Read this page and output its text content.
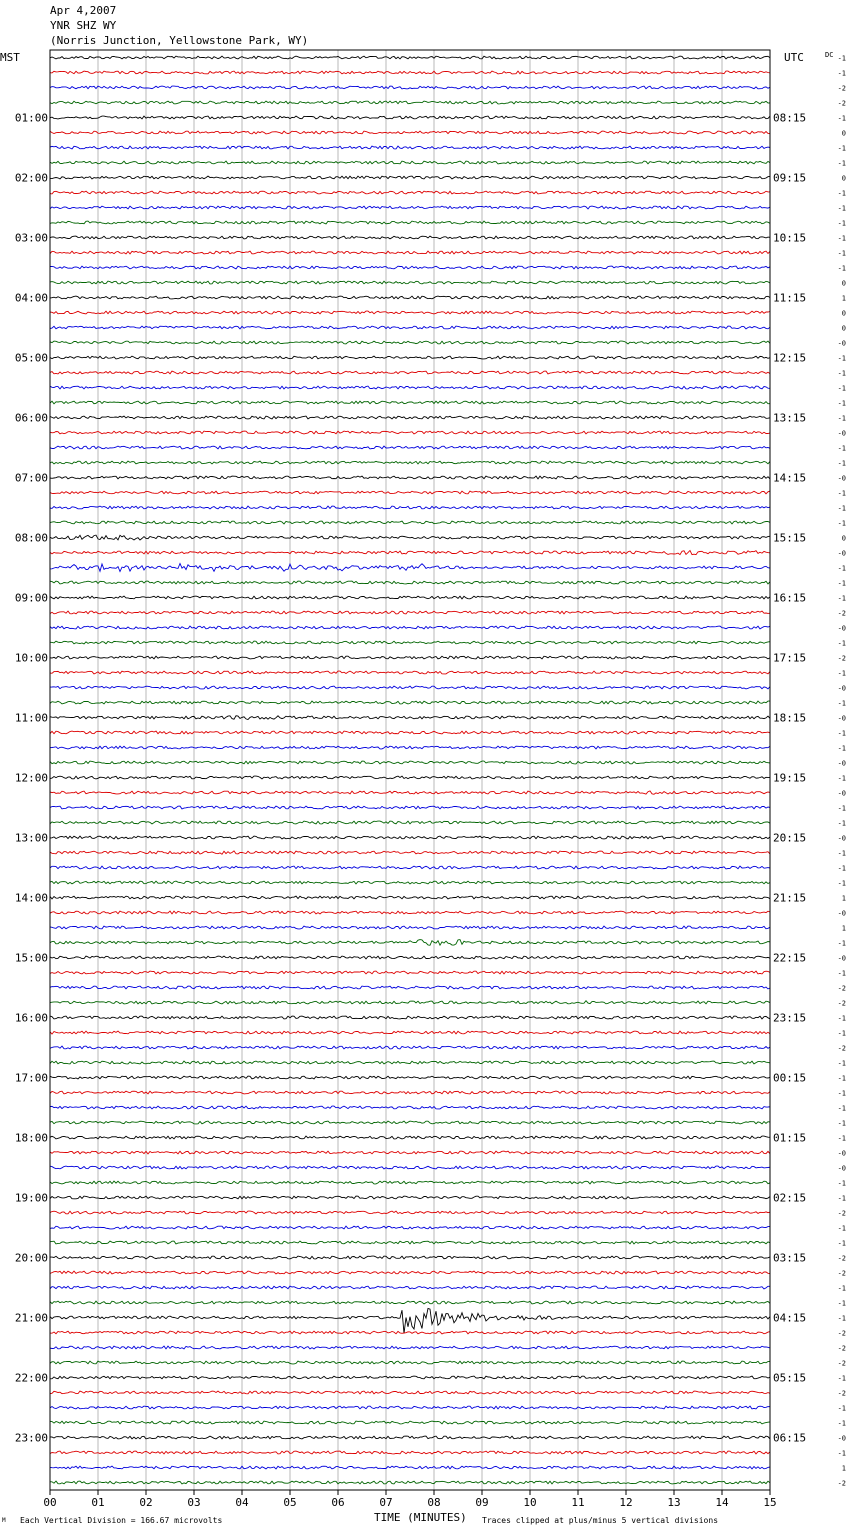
01:00
02:00
03:00
04:00
05:00
06:00
07:00
08:00
09:00
10:00
11:00
12:00
13:00
14:00
15:00
16:00
17:00
18:00
19:00
20:00
21:00
22:00
23:00
08:15
09:15
10:15
11:15
12:15
13:15
14:15
15:15
16:15
17:15
18:15
19:15
20:15
21:15
22:15
23:15
00:15
01:15
02:15
03:15
04:15
05:15
06:15
-1
-1
-2
-2
-1
0
-1
-1
0
-1
-1
-1
-1
-1
-1
0
1
0
0
-0
-1
-1
-1
-1
-1
-0
-1
-1
-0
-1
-1
-1
0
-0
-1
-1
-1
-2
-0
-1
-2
-1
-0
-1
-0
-1
-1
-0
-1
-0
-1
-1
-0
-1
-1
-1
1
-0
1
-1
-0
-1
-2
-2
-1
-1
-2
-1
-1
-1
-1
-1
-1
-0
-0
-1
-1
-2
-1
-1
-2
-2
-1
-1
-1
-2
-2
-2
-1
-2
-1
-1
-0
-1
1
-2
00	01	02	03	04	05	06	07	08	09	10	11	12	13	14	15
Apr 4,2007
YNR SHZ WY
(Norris Junction, Yellowstone Park, WY)
MST	UTC	DC
TIME (MINUTES)
M Each Vertical Division = 166.67 microvolts	Traces clipped at plus/minus 5 vertical divisions
